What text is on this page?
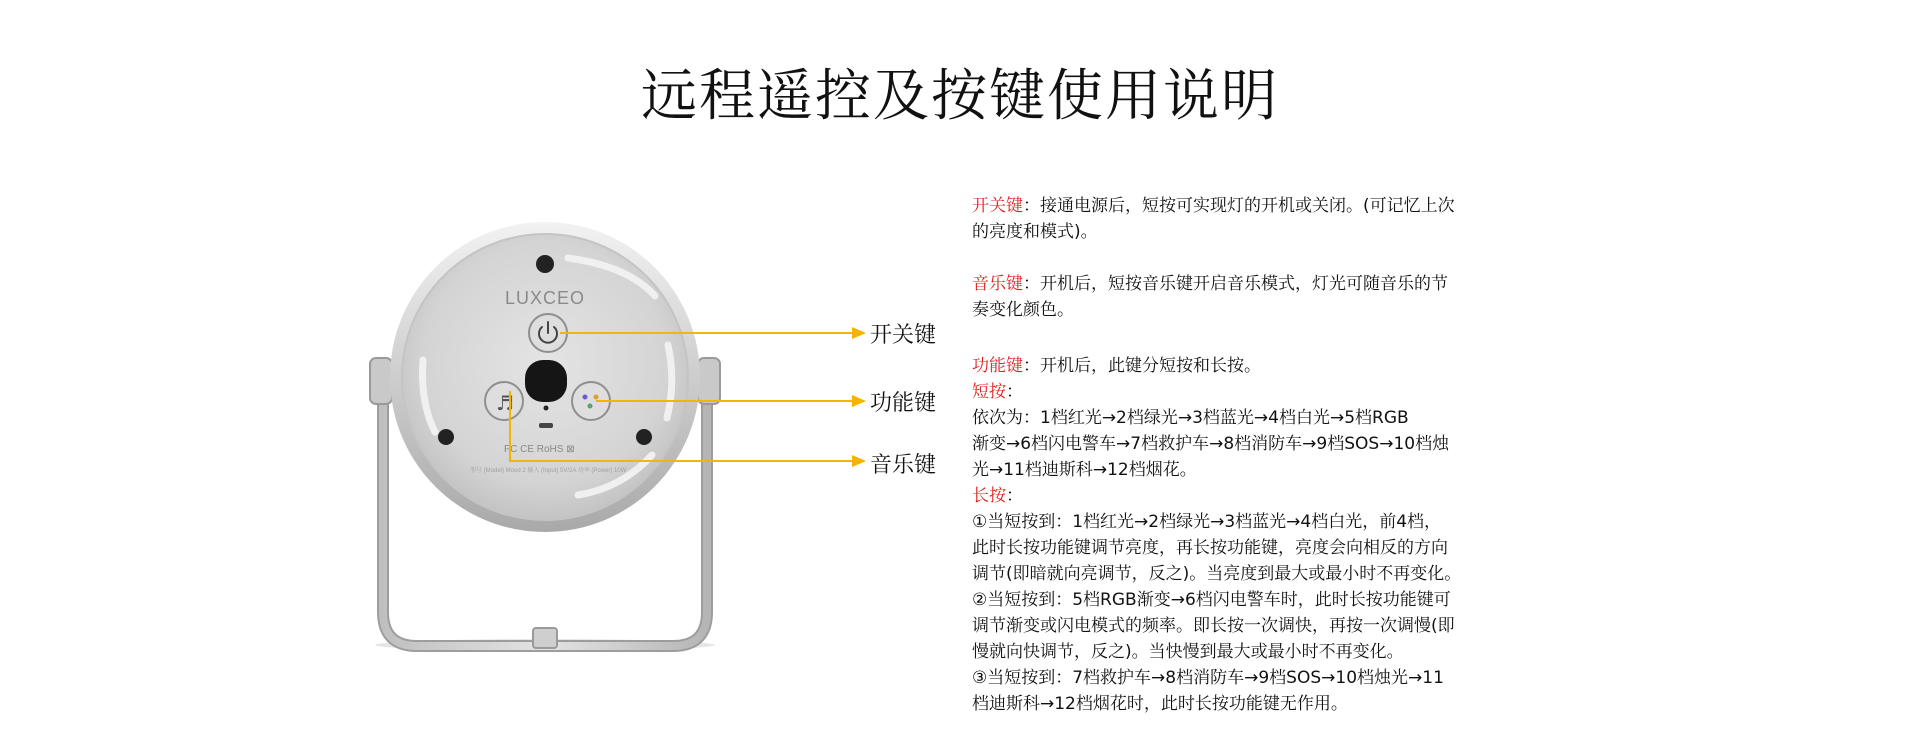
远程遥控及按键使用说明
LUXCEO
♬
FC CE RoHS ⊠
型号 (Model) Mood 2 输入 (Input) 5V/2A 功率 (Power) 10W
开关键
功能键
音乐键

开关键：接通电源后，短按可实现灯的开机或关闭。(可记忆上次

的亮度和模式)。

音乐键：开机后，短按音乐键开启音乐模式，灯光可随音乐的节

奏变化颜色。

功能键：开机后，此键分短按和长按。

短按：

依次为：1档红光→2档绿光→3档蓝光→4档白光→5档RGB

渐变→6档闪电警车→7档救护车→8档消防车→9档SOS→10档烛

光→11档迪斯科→12档烟花。

长按：

①当短按到：1档红光→2档绿光→3档蓝光→4档白光，前4档，

此时长按功能键调节亮度，再长按功能键，亮度会向相反的方向

调节(即暗就向亮调节，反之)。当亮度到最大或最小时不再变化。

②当短按到：5档RGB渐变→6档闪电警车时，此时长按功能键可

调节渐变或闪电模式的频率。即长按一次调快，再按一次调慢(即

慢就向快调节，反之)。当快慢到最大或最小时不再变化。

③当短按到：7档救护车→8档消防车→9档SOS→10档烛光→11

档迪斯科→12档烟花时，此时长按功能键无作用。
